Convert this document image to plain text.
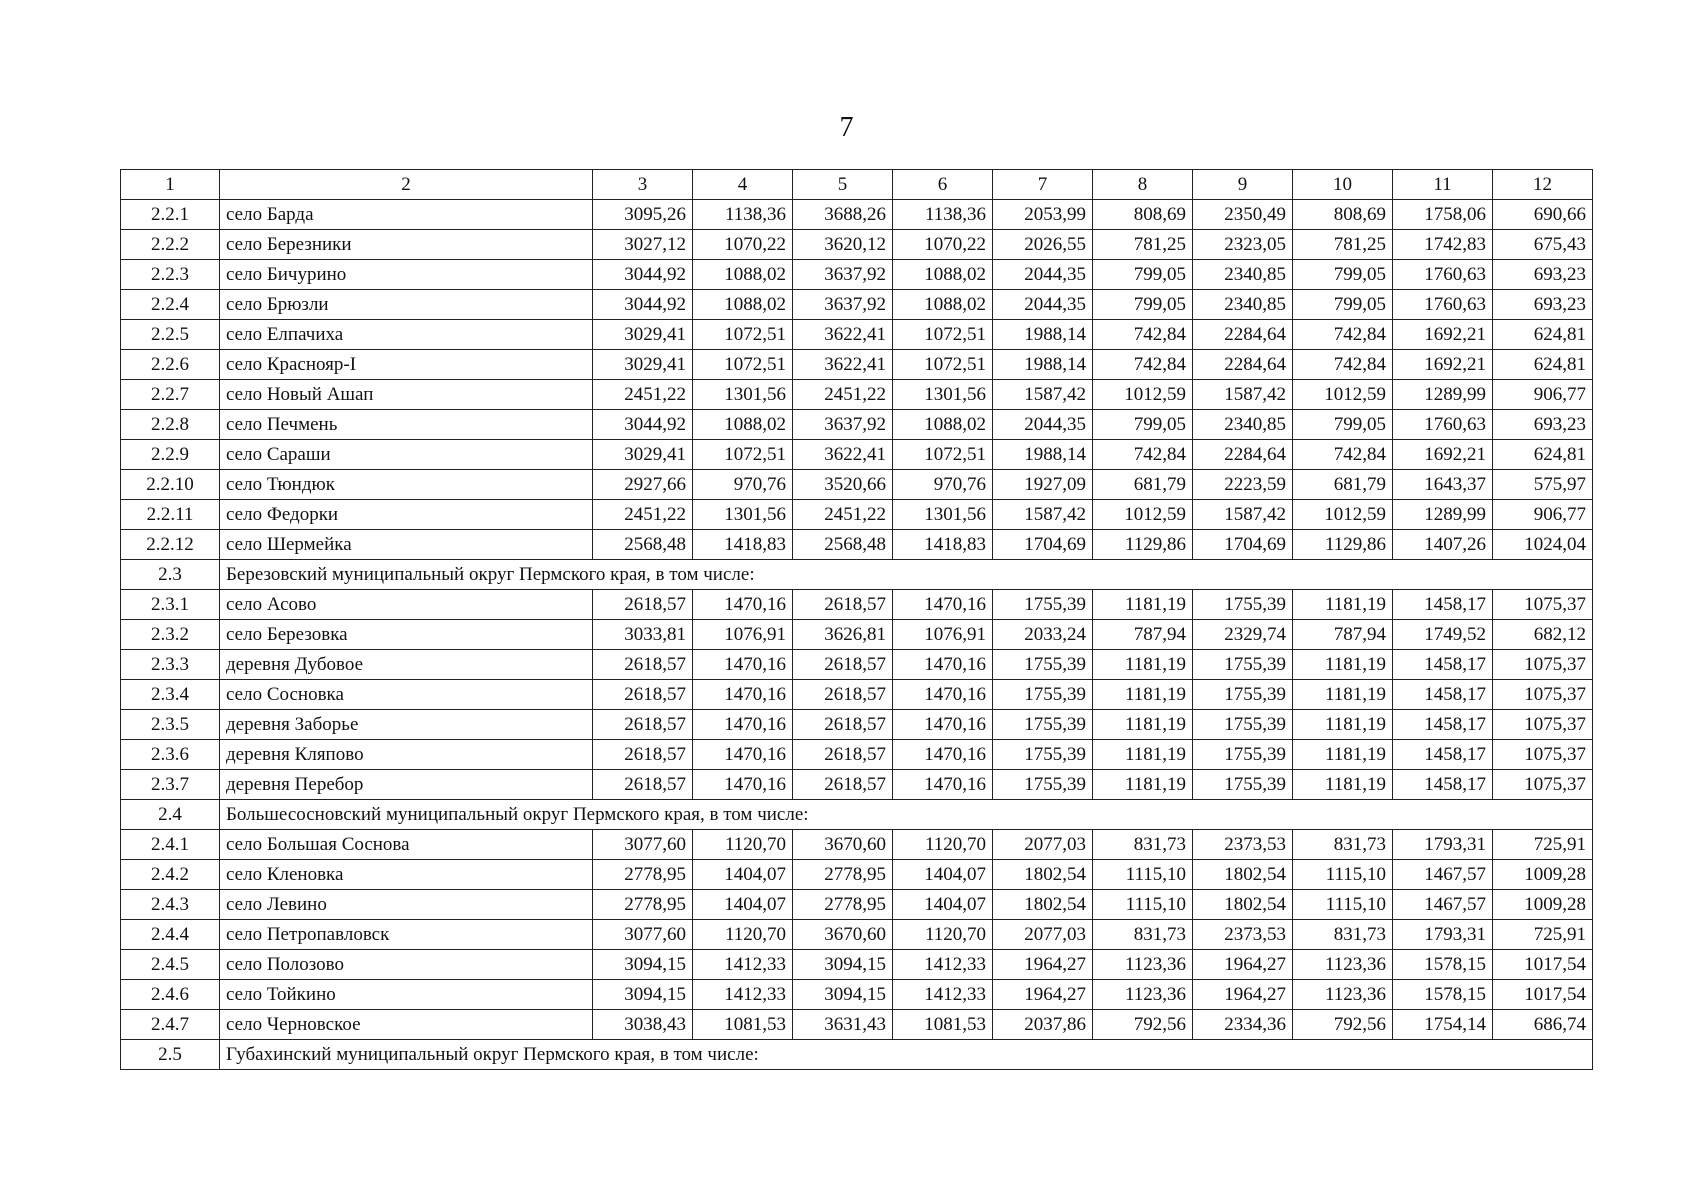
7
1	2	3	4	5	6	7	8	9	10	11	12
2.2.1	село Барда	3095,26	1138,36	3688,26	1138,36	2053,99	808,69	2350,49	808,69	1758,06	690,66
2.2.2	село Березники	3027,12	1070,22	3620,12	1070,22	2026,55	781,25	2323,05	781,25	1742,83	675,43
2.2.3	село Бичурино	3044,92	1088,02	3637,92	1088,02	2044,35	799,05	2340,85	799,05	1760,63	693,23
2.2.4	село Брюзли	3044,92	1088,02	3637,92	1088,02	2044,35	799,05	2340,85	799,05	1760,63	693,23
2.2.5	село Елпачиха	3029,41	1072,51	3622,41	1072,51	1988,14	742,84	2284,64	742,84	1692,21	624,81
2.2.6	село Краснояр-I	3029,41	1072,51	3622,41	1072,51	1988,14	742,84	2284,64	742,84	1692,21	624,81
2.2.7	село Новый Ашап	2451,22	1301,56	2451,22	1301,56	1587,42	1012,59	1587,42	1012,59	1289,99	906,77
2.2.8	село Печмень	3044,92	1088,02	3637,92	1088,02	2044,35	799,05	2340,85	799,05	1760,63	693,23
2.2.9	село Сараши	3029,41	1072,51	3622,41	1072,51	1988,14	742,84	2284,64	742,84	1692,21	624,81
2.2.10	село Тюндюк	2927,66	970,76	3520,66	970,76	1927,09	681,79	2223,59	681,79	1643,37	575,97
2.2.11	село Федорки	2451,22	1301,56	2451,22	1301,56	1587,42	1012,59	1587,42	1012,59	1289,99	906,77
2.2.12	село Шермейка	2568,48	1418,83	2568,48	1418,83	1704,69	1129,86	1704,69	1129,86	1407,26	1024,04
2.3	Березовский муниципальный округ Пермского края, в том числе:										
2.3.1	село Асово	2618,57	1470,16	2618,57	1470,16	1755,39	1181,19	1755,39	1181,19	1458,17	1075,37
2.3.2	село Березовка	3033,81	1076,91	3626,81	1076,91	2033,24	787,94	2329,74	787,94	1749,52	682,12
2.3.3	деревня Дубовое	2618,57	1470,16	2618,57	1470,16	1755,39	1181,19	1755,39	1181,19	1458,17	1075,37
2.3.4	село Сосновка	2618,57	1470,16	2618,57	1470,16	1755,39	1181,19	1755,39	1181,19	1458,17	1075,37
2.3.5	деревня Заборье	2618,57	1470,16	2618,57	1470,16	1755,39	1181,19	1755,39	1181,19	1458,17	1075,37
2.3.6	деревня Кляпово	2618,57	1470,16	2618,57	1470,16	1755,39	1181,19	1755,39	1181,19	1458,17	1075,37
2.3.7	деревня Перебор	2618,57	1470,16	2618,57	1470,16	1755,39	1181,19	1755,39	1181,19	1458,17	1075,37
2.4	Большесосновский муниципальный округ Пермского края, в том числе:										
2.4.1	село Большая Соснова	3077,60	1120,70	3670,60	1120,70	2077,03	831,73	2373,53	831,73	1793,31	725,91
2.4.2	село Кленовка	2778,95	1404,07	2778,95	1404,07	1802,54	1115,10	1802,54	1115,10	1467,57	1009,28
2.4.3	село Левино	2778,95	1404,07	2778,95	1404,07	1802,54	1115,10	1802,54	1115,10	1467,57	1009,28
2.4.4	село Петропавловск	3077,60	1120,70	3670,60	1120,70	2077,03	831,73	2373,53	831,73	1793,31	725,91
2.4.5	село Полозово	3094,15	1412,33	3094,15	1412,33	1964,27	1123,36	1964,27	1123,36	1578,15	1017,54
2.4.6	село Тойкино	3094,15	1412,33	3094,15	1412,33	1964,27	1123,36	1964,27	1123,36	1578,15	1017,54
2.4.7	село Черновское	3038,43	1081,53	3631,43	1081,53	2037,86	792,56	2334,36	792,56	1754,14	686,74
2.5	Губахинский муниципальный округ Пермского края, в том числе:										
